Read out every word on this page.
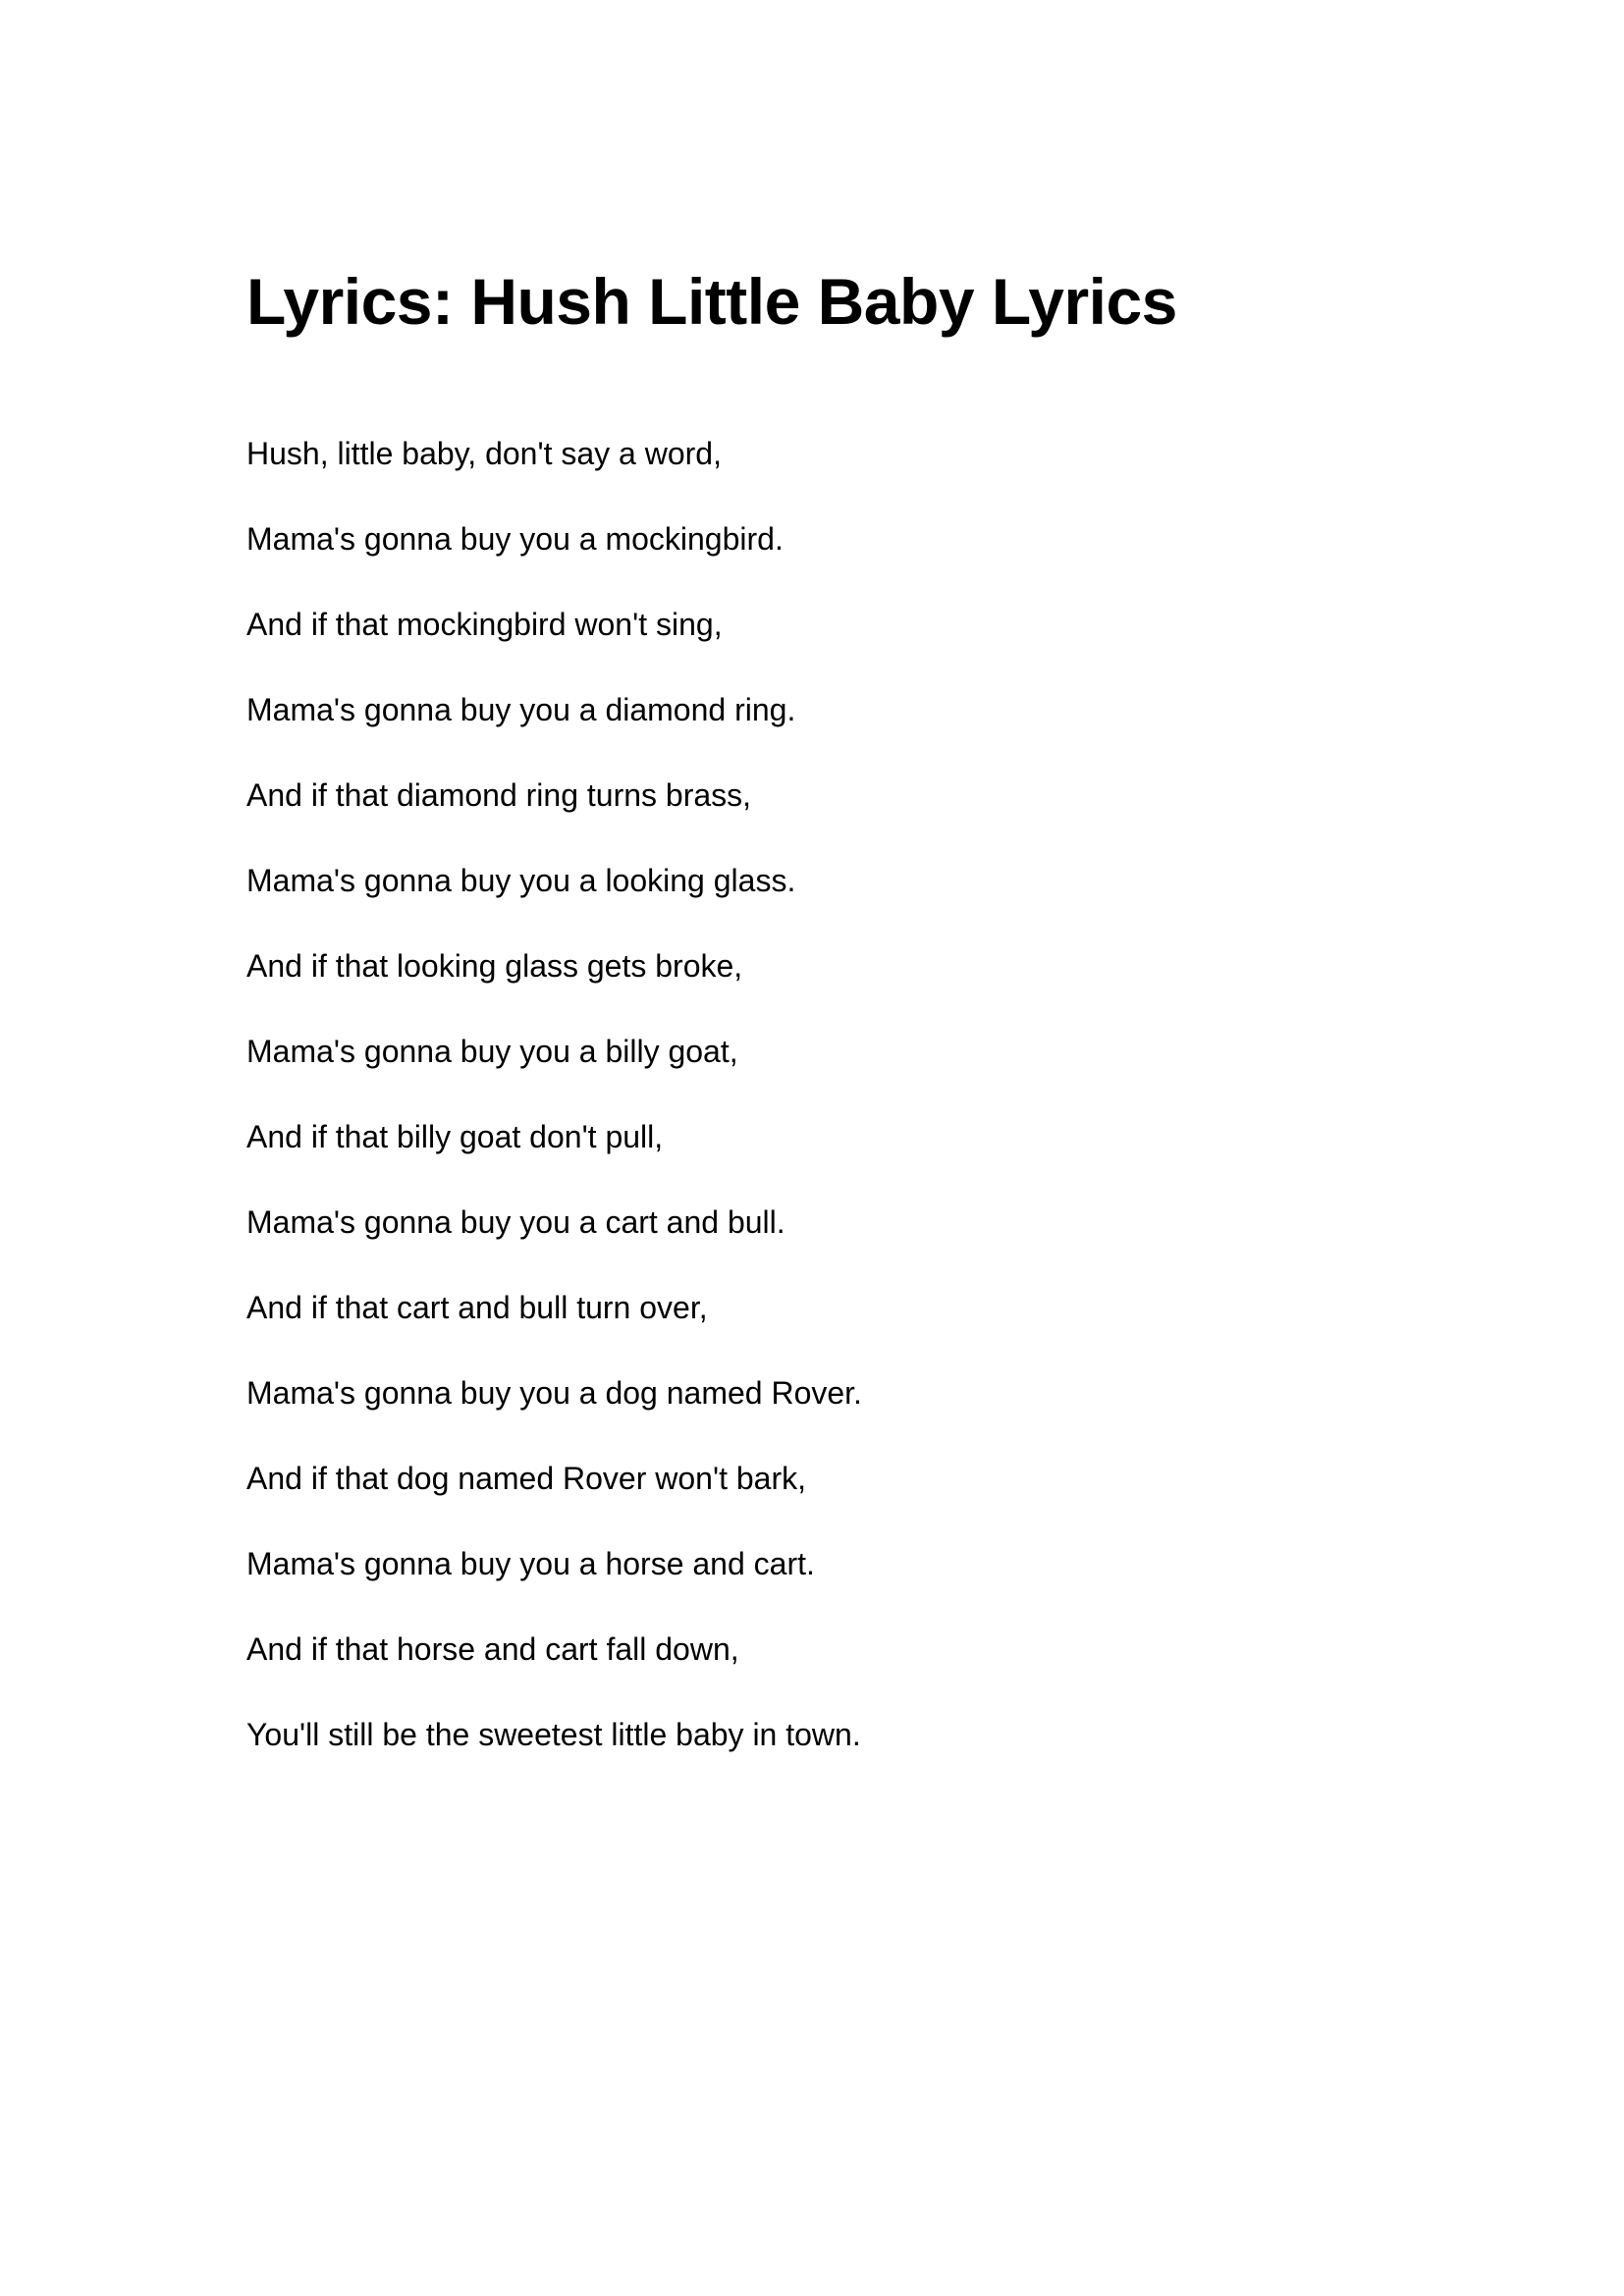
Lyrics: Hush Little Baby Lyrics
Hush, little baby, don't say a word,
Mama's gonna buy you a mockingbird.
And if that mockingbird won't sing,
Mama's gonna buy you a diamond ring.
And if that diamond ring turns brass,
Mama's gonna buy you a looking glass.
And if that looking glass gets broke,
Mama's gonna buy you a billy goat,
And if that billy goat don't pull,
Mama's gonna buy you a cart and bull.
And if that cart and bull turn over,
Mama's gonna buy you a dog named Rover.
And if that dog named Rover won't bark,
Mama's gonna buy you a horse and cart.
And if that horse and cart fall down,
You'll still be the sweetest little baby in town.
